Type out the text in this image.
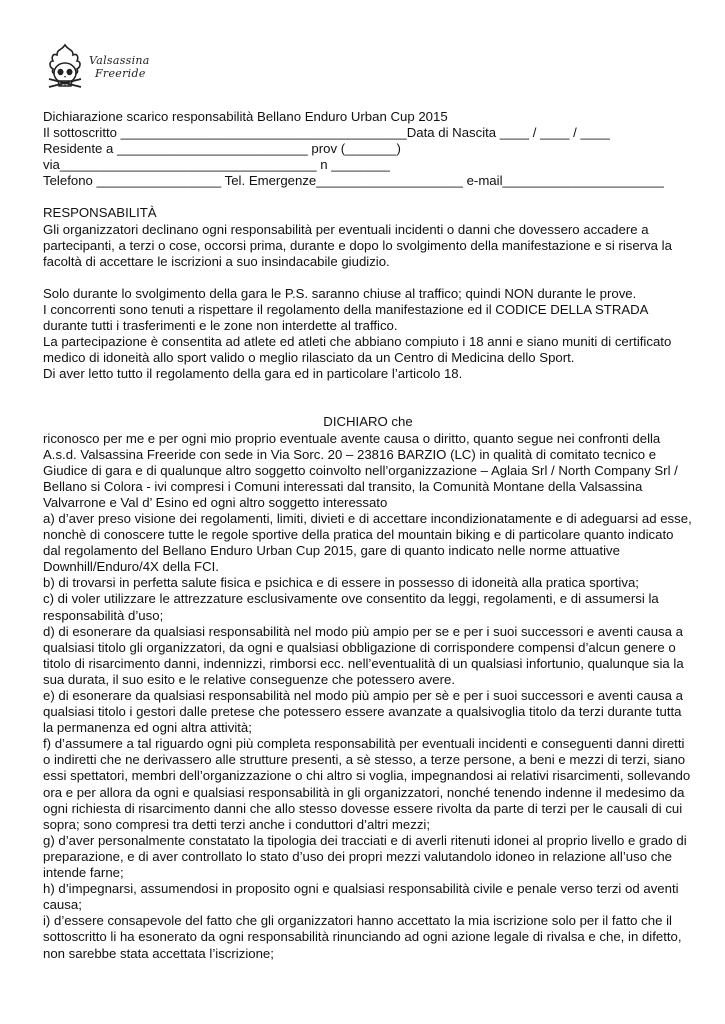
Valsassina
Freeride
Dichiarazione scarico responsabilità Bellano Enduro Urban Cup 2015
Il sottoscritto _______________________________________Data di Nascita ____ / ____ / ____
Residente a __________________________ prov (_______)
via___________________________________ n ________
Telefono _________________ Tel. Emergenze____________________ e-mail______________________
RESPONSABILITÀ

Gli organizzatori declinano ogni responsabilità per eventuali incidenti o danni che dovessero accadere a partecipanti, a terzi o cose, occorsi prima, durante e dopo lo svolgimento della manifestazione e si riserva la facoltà di accettare le iscrizioni a suo insindacabile giudizio.

Solo durante lo svolgimento della gara le P.S. saranno chiuse al traffico; quindi NON durante le prove.

I concorrenti sono tenuti a rispettare il regolamento della manifestazione ed il CODICE DELLA STRADA durante tutti i trasferimenti e le zone non interdette al traffico.

La partecipazione è consentita ad atlete ed atleti che abbiano compiuto i 18 anni e siano muniti di certificato medico di idoneità allo sport valido o meglio rilasciato da un Centro di Medicina dello Sport.

Di aver letto tutto il regolamento della gara ed in particolare l’articolo 18.

DICHIARO che

riconosco per me e per ogni mio proprio eventuale avente causa o diritto, quanto segue nei confronti della A.s.d. Valsassina Freeride con sede in Via Sorc. 20 – 23816 BARZIO (LC) in qualità di comitato tecnico e Giudice di gara e di qualunque altro soggetto coinvolto nell’organizzazione – Aglaia Srl / North Company Srl / Bellano si Colora - ivi compresi i Comuni interessati dal transito, la Comunità Montane della Valsassina Valvarrone e Val d’ Esino ed ogni altro soggetto interessato

a) d’aver preso visione dei regolamenti, limiti, divieti e di accettare incondizionatamente e di adeguarsi ad esse, nonchè di conoscere tutte le regole sportive della pratica del mountain biking e di particolare quanto indicato dal regolamento del Bellano Enduro Urban Cup 2015, gare di quanto indicato nelle norme attuative Downhill/Enduro/4X della FCI.

b) di trovarsi in perfetta salute fisica e psichica e di essere in possesso di idoneità alla pratica sportiva;

c) di voler utilizzare le attrezzature esclusivamente ove consentito da leggi, regolamenti, e di assumersi la responsabilità d’uso;

d) di esonerare da qualsiasi responsabilità nel modo più ampio per se e per i suoi successori e aventi causa a qualsiasi titolo gli organizzatori, da ogni e qualsiasi obbligazione di corrispondere compensi d’alcun genere o titolo di risarcimento danni, indennizzi, rimborsi ecc. nell’eventualità di un qualsiasi infortunio, qualunque sia la sua durata, il suo esito e le relative conseguenze che potessero avere.

e) di esonerare da qualsiasi responsabilità nel modo più ampio per sè e per i suoi successori e aventi causa a qualsiasi titolo i gestori dalle pretese che potessero essere avanzate a qualsivoglia titolo da terzi durante tutta la permanenza ed ogni altra attività;

f) d’assumere a tal riguardo ogni più completa responsabilità per eventuali incidenti e conseguenti danni diretti o indiretti che ne derivassero alle strutture presenti, a sè stesso, a terze persone, a beni e mezzi di terzi, siano essi spettatori, membri dell’organizzazione o chi altro si voglia, impegnandosi ai relativi risarcimenti, sollevando ora e per allora da ogni e qualsiasi responsabilità in gli organizzatori, nonché tenendo indenne il medesimo da ogni richiesta di risarcimento danni che allo stesso dovesse essere rivolta da parte di terzi per le causali di cui sopra; sono compresi tra detti terzi anche i conduttori d’altri mezzi;

g) d’aver personalmente constatato la tipologia dei tracciati e di averli ritenuti idonei al proprio livello e grado di preparazione, e di aver controllato lo stato d’uso dei propri mezzi valutandolo idoneo in relazione all’uso che intende farne;

h) d’impegnarsi, assumendosi in proposito ogni e qualsiasi responsabilità civile e penale verso terzi od aventi causa;

i) d’essere consapevole del fatto che gli organizzatori hanno accettato la mia iscrizione solo per il fatto che il sottoscritto li ha esonerato da ogni responsabilità rinunciando ad ogni azione legale di rivalsa e che, in difetto, non sarebbe stata accettata l’iscrizione;
